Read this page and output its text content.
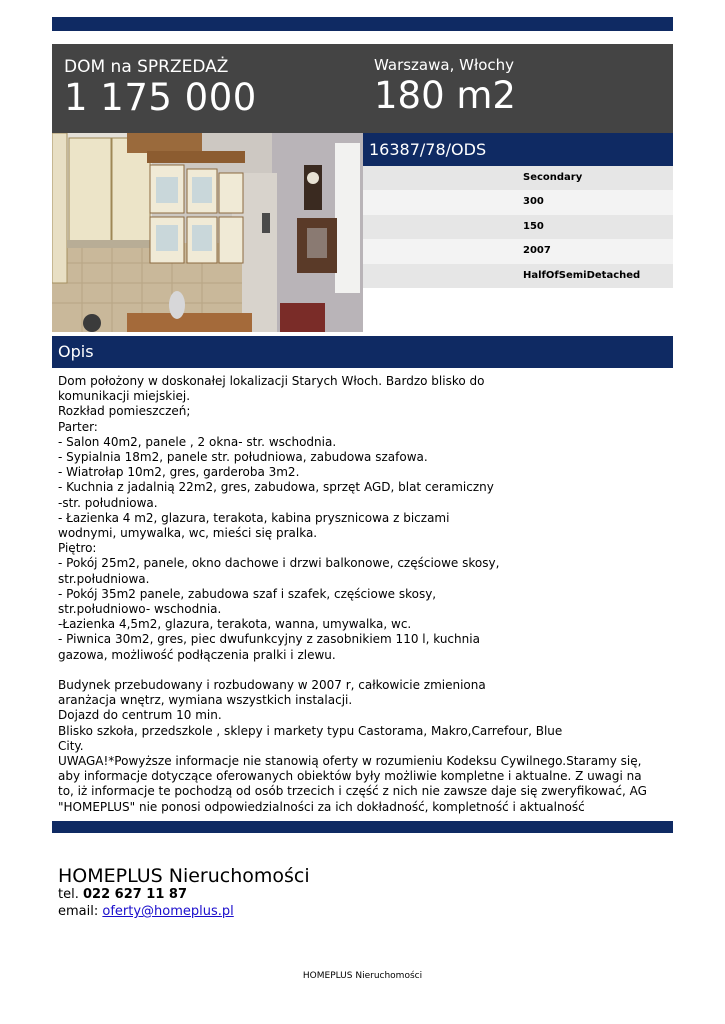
DOM na SPRZEDAŻ
1 175 000
Warszawa, Włochy
180 m2
16387/78/ODS
Secondary
300
150
2007
HalfOfSemiDetached
Opis

Dom położony w doskonałej lokalizacji Starych Włoch. Bardzo blisko do
komunikacji miejskiej.
Rozkład pomieszczeń;
Parter:
- Salon 40m2, panele , 2 okna- str. wschodnia.
- Sypialnia 18m2, panele str. południowa, zabudowa szafowa.
- Wiatrołap 10m2, gres, garderoba 3m2.
- Kuchnia z jadalnią 22m2, gres, zabudowa, sprzęt AGD, blat ceramiczny
-str. południowa.
- Łazienka 4 m2, glazura, terakota, kabina prysznicowa z biczami
wodnymi, umywalka, wc, mieści się pralka.
Piętro:
- Pokój 25m2, panele, okno dachowe i drzwi balkonowe, częściowe skosy,
str.południowa.
- Pokój 35m2 panele, zabudowa szaf i szafek, częściowe skosy,
str.południowo- wschodnia.
-Łazienka 4,5m2, glazura, terakota, wanna, umywalka, wc.
- Piwnica 30m2, gres, piec dwufunkcyjny z zasobnikiem 110 l, kuchnia
gazowa, możliwość podłączenia pralki i zlewu.

Budynek przebudowany i rozbudowany w 2007 r, całkowicie zmieniona
aranżacja wnętrz, wymiana wszystkich instalacji.
Dojazd do centrum 10 min.
Blisko szkoła, przedszkole , sklepy i markety typu Castorama, Makro,Carrefour, Blue
City.
UWAGA!*Powyższe informacje nie stanowią oferty w rozumieniu Kodeksu Cywilnego.Staramy się,
aby informacje dotyczące oferowanych obiektów były możliwie kompletne i aktualne. Z uwagi na
to, iż informacje te pochodzą od osób trzecich i część z nich nie zawsze daje się zweryfikować, AG
"HOMEPLUS" nie ponosi odpowiedzialności za ich dokładność, kompletność i aktualność

HOMEPLUS Nieruchomości
tel. 022 627 11 87
email: oferty@homeplus.pl
HOMEPLUS Nieruchomości
